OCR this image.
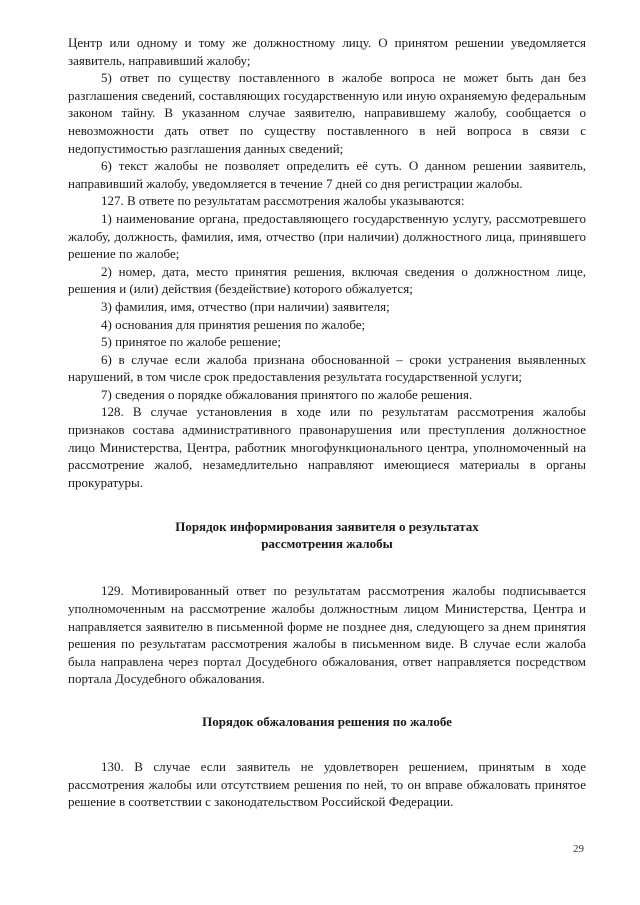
Центр или одному и тому же должностному лицу. О принятом решении уведомляется заявитель, направивший жалобу;

5) ответ по существу поставленного в жалобе вопроса не может быть дан без разглашения сведений, составляющих государственную или иную охраняемую федеральным законом тайну. В указанном случае заявителю, направившему жалобу, сообщается о невозможности дать ответ по существу поставленного в ней вопроса в связи с недопустимостью разглашения данных сведений;

6) текст жалобы не позволяет определить её суть. О данном решении заявитель, направивший жалобу, уведомляется в течение 7 дней со дня регистрации жалобы.

127. В ответе по результатам рассмотрения жалобы указываются:

1) наименование органа, предоставляющего государственную услугу, рассмотревшего жалобу, должность, фамилия, имя, отчество (при наличии) должностного лица, принявшего решение по жалобе;

2) номер, дата, место принятия решения, включая сведения о должностном лице, решения и (или) действия (бездействие) которого обжалуется;

3) фамилия, имя, отчество (при наличии) заявителя;

4) основания для принятия решения по жалобе;

5) принятое по жалобе решение;

6) в случае если жалоба признана обоснованной – сроки устранения выявленных нарушений, в том числе срок предоставления результата государственной услуги;

7) сведения о порядке обжалования принятого по жалобе решения.

128. В случае установления в ходе или по результатам рассмотрения жалобы признаков состава административного правонарушения или преступления должностное лицо Министерства, Центра, работник многофункционального центра, уполномоченный на рассмотрение жалоб, незамедлительно направляют имеющиеся материалы в органы прокуратуры.

Порядок информирования заявителя о результатах
рассмотрения жалобы

129. Мотивированный ответ по результатам рассмотрения жалобы подписывается уполномоченным на рассмотрение жалобы должностным лицом Министерства, Центра и направляется заявителю в письменной форме не позднее дня, следующего за днем принятия решения по результатам рассмотрения жалобы в письменном виде. В случае если жалоба была направлена через портал Досудебного обжалования, ответ направляется посредством портала Досудебного обжалования.

Порядок обжалования решения по жалобе

130. В случае если заявитель не удовлетворен решением, принятым в ходе рассмотрения жалобы или отсутствием решения по ней, то он вправе обжаловать принятое решение в соответствии с законодательством Российской Федерации.

29
